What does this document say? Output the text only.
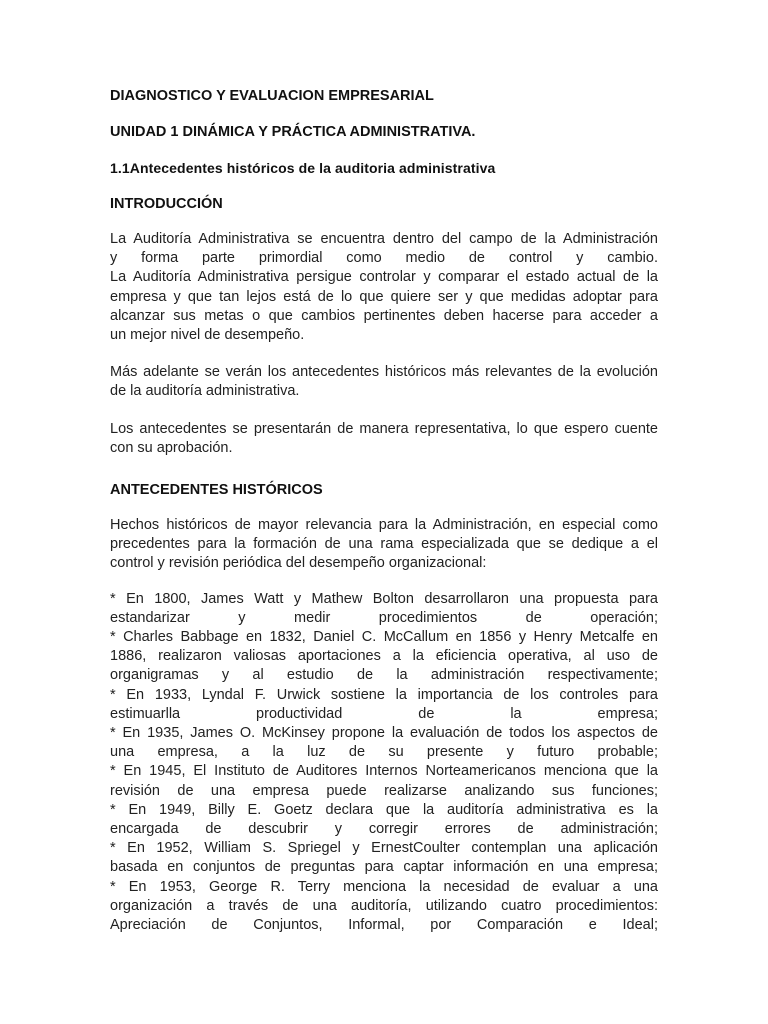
DIAGNOSTICO Y EVALUACION EMPRESARIAL
UNIDAD 1 DINÁMICA Y PRÁCTICA ADMINISTRATIVA.
1.1Antecedentes históricos de la auditoria administrativa
INTRODUCCIÓN
La Auditoría Administrativa se encuentra dentro del campo de la Administración
y forma parte primordial como medio de control y cambio.
La Auditoría Administrativa persigue controlar y comparar el estado actual de la
empresa y que tan lejos está de lo que quiere ser y que medidas adoptar para
alcanzar sus metas o que cambios pertinentes deben hacerse para acceder a
un mejor nivel de desempeño.

Más adelante se verán los antecedentes históricos más relevantes de la evolución de la auditoría administrativa.

Los antecedentes se presentarán de manera representativa, lo que espero cuente con su aprobación.

ANTECEDENTES HISTÓRICOS

Hechos históricos de mayor relevancia para la Administración, en especial como precedentes para la formación de una rama especializada que se dedique a el control y revisión periódica del desempeño organizacional:

* En 1800, James Watt y Mathew Bolton desarrollaron una propuesta para
estandarizar y medir procedimientos de operación;
* Charles Babbage en 1832, Daniel C. McCallum en 1856 y Henry Metcalfe en
1886, realizaron valiosas aportaciones a la eficiencia operativa, al uso de
organigramas y al estudio de la administración respectivamente;
* En 1933, Lyndal F. Urwick sostiene la importancia de los controles para
estimuarlla productividad de la empresa;
* En 1935, James O. McKinsey propone la evaluación de todos los aspectos de
una empresa, a la luz de su presente y futuro probable;
* En 1945, El Instituto de Auditores Internos Norteamericanos menciona que la
revisión de una empresa puede realizarse analizando sus funciones;
* En 1949, Billy E. Goetz declara que la auditoría administrativa es la
encargada de descubrir y corregir errores de administración;
* En 1952, William S. Spriegel y ErnestCoulter contemplan una aplicación
basada en conjuntos de preguntas para captar información en una empresa;
* En 1953, George R. Terry menciona la necesidad de evaluar a una
organización a través de una auditoría, utilizando cuatro procedimientos:
Apreciación de Conjuntos, Informal, por Comparación e Ideal;
